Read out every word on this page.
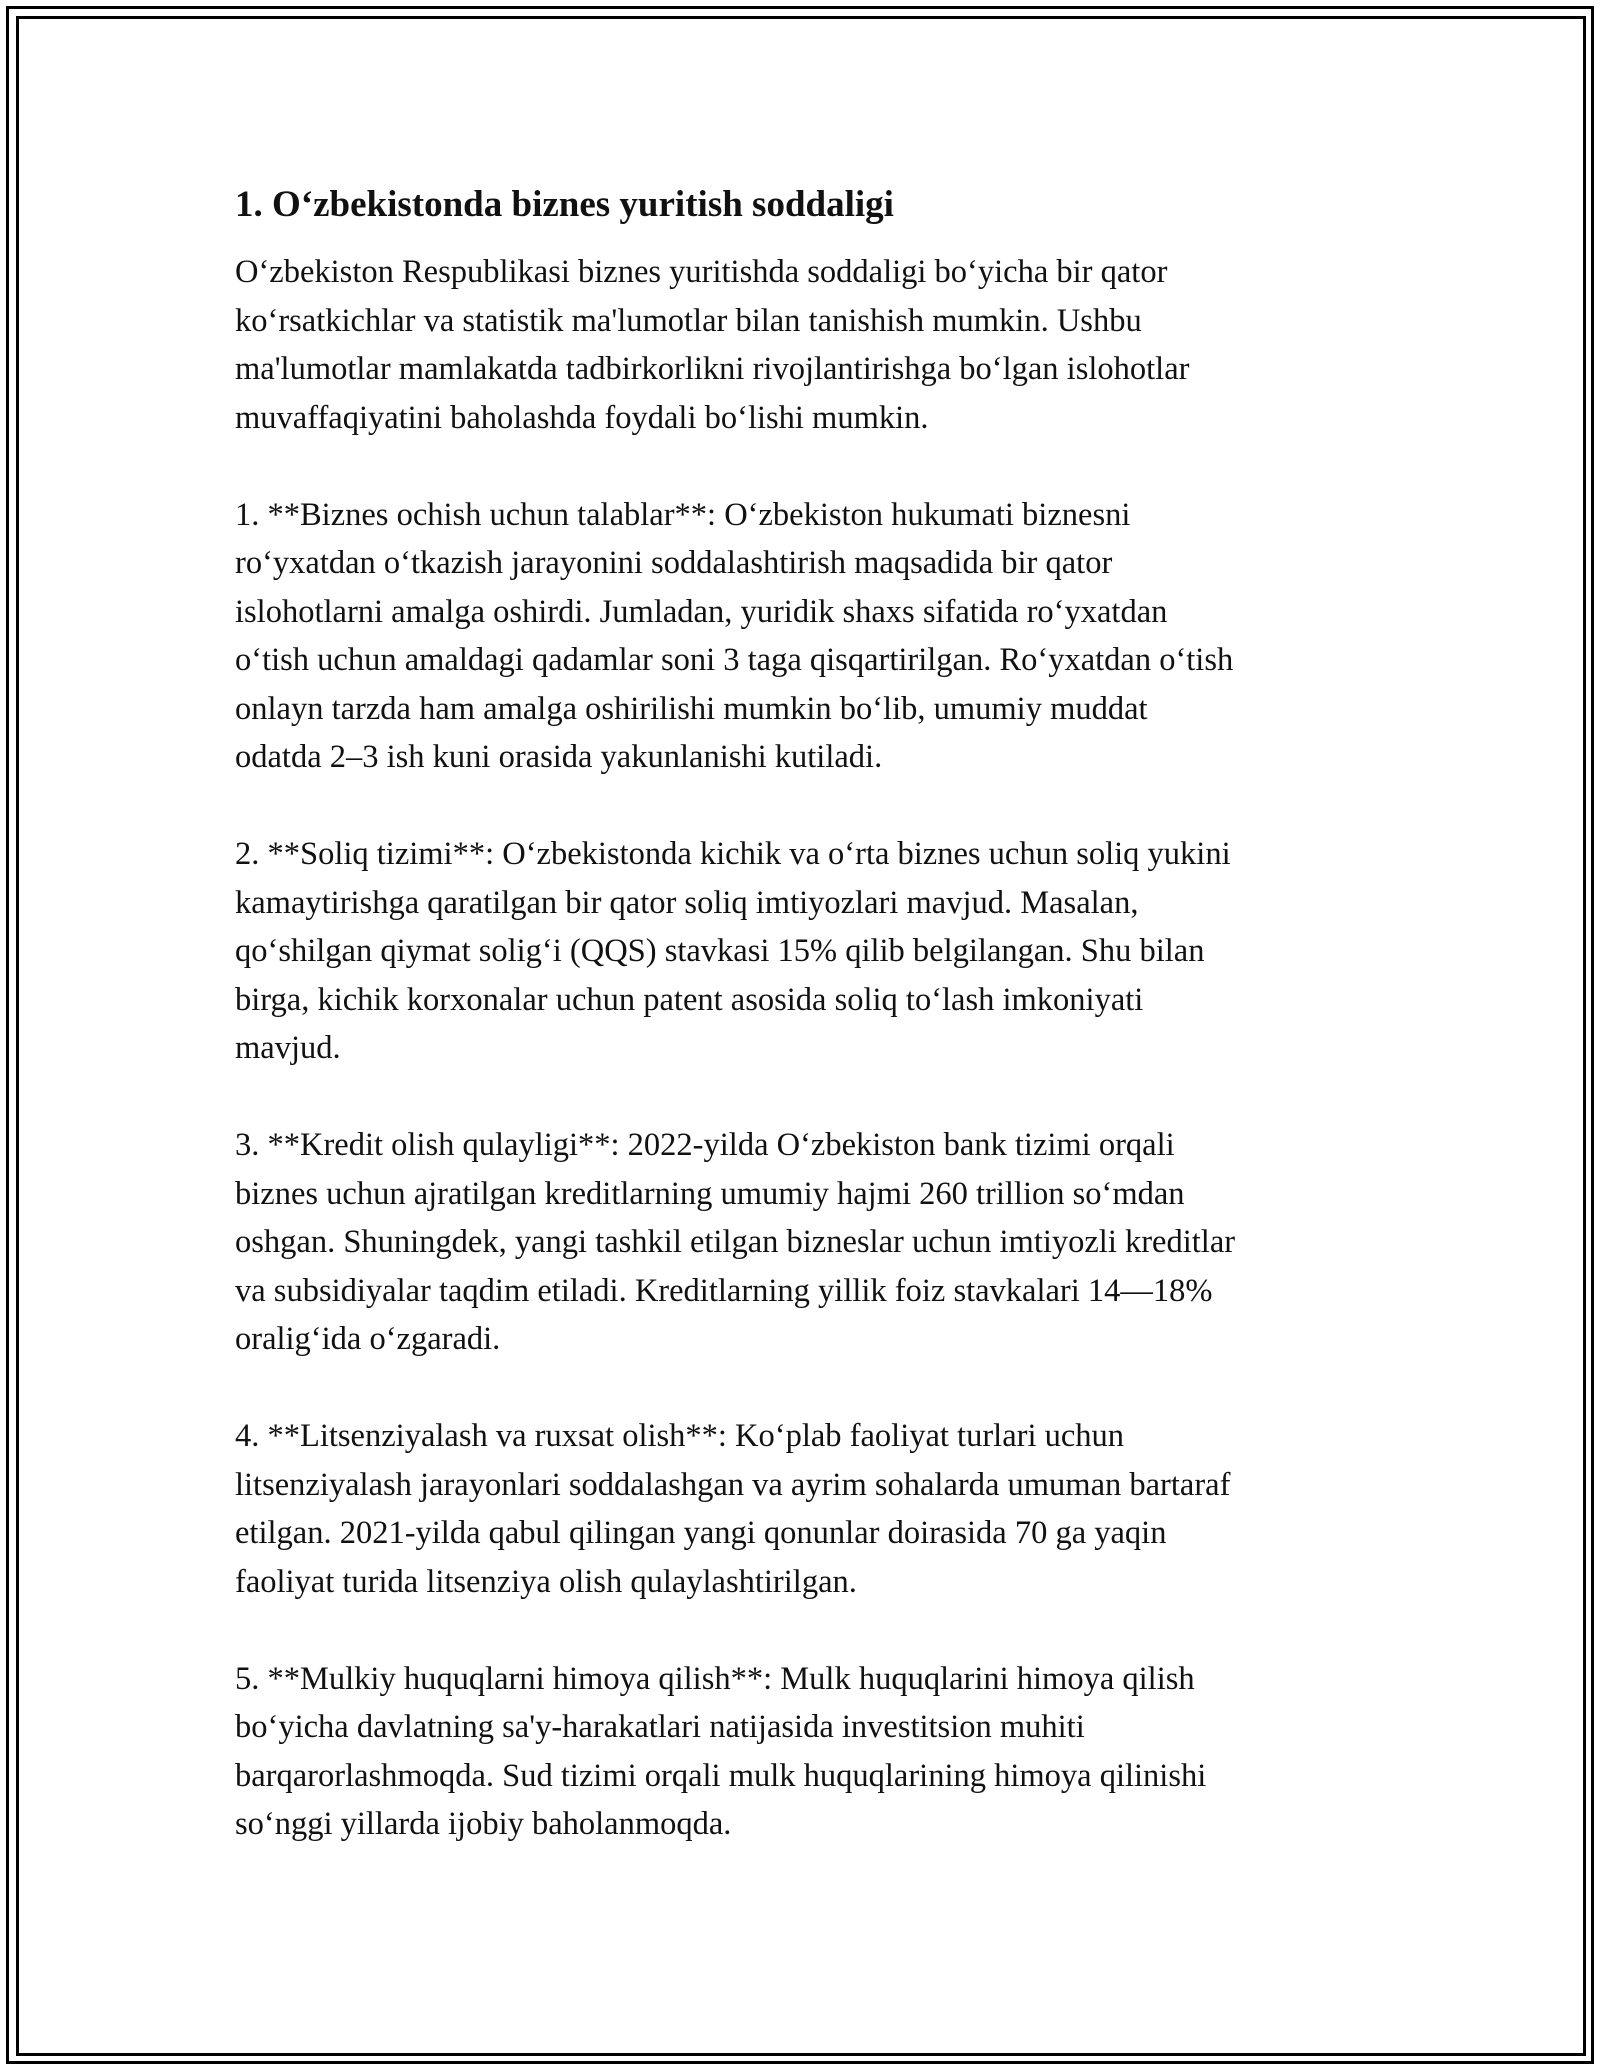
1. O‘zbekistonda biznes yuritish soddaligi

O‘zbekiston Respublikasi biznes yuritishda soddaligi bo‘yicha bir qator
ko‘rsatkichlar va statistik ma'lumotlar bilan tanishish mumkin. Ushbu
ma'lumotlar mamlakatda tadbirkorlikni rivojlantirishga bo‘lgan islohotlar
muvaffaqiyatini baholashda foydali bo‘lishi mumkin.

1. **Biznes ochish uchun talablar**: O‘zbekiston hukumati biznesni
ro‘yxatdan o‘tkazish jarayonini soddalashtirish maqsadida bir qator
islohotlarni amalga oshirdi. Jumladan, yuridik shaxs sifatida ro‘yxatdan
o‘tish uchun amaldagi qadamlar soni 3 taga qisqartirilgan. Ro‘yxatdan o‘tish
onlayn tarzda ham amalga oshirilishi mumkin bo‘lib, umumiy muddat
odatda 2–3 ish kuni orasida yakunlanishi kutiladi.

2. **Soliq tizimi**: O‘zbekistonda kichik va o‘rta biznes uchun soliq yukini
kamaytirishga qaratilgan bir qator soliq imtiyozlari mavjud. Masalan,
qo‘shilgan qiymat solig‘i (QQS) stavkasi 15% qilib belgilangan. Shu bilan
birga, kichik korxonalar uchun patent asosida soliq to‘lash imkoniyati
mavjud.

3. **Kredit olish qulayligi**: 2022-yilda O‘zbekiston bank tizimi orqali
biznes uchun ajratilgan kreditlarning umumiy hajmi 260 trillion so‘mdan
oshgan. Shuningdek, yangi tashkil etilgan bizneslar uchun imtiyozli kreditlar
va subsidiyalar taqdim etiladi. Kreditlarning yillik foiz stavkalari 14—18%
oralig‘ida o‘zgaradi.

4. **Litsenziyalash va ruxsat olish**: Ko‘plab faoliyat turlari uchun
litsenziyalash jarayonlari soddalashgan va ayrim sohalarda umuman bartaraf
etilgan. 2021-yilda qabul qilingan yangi qonunlar doirasida 70 ga yaqin
faoliyat turida litsenziya olish qulaylashtirilgan.

5. **Mulkiy huquqlarni himoya qilish**: Mulk huquqlarini himoya qilish
bo‘yicha davlatning sa'y-harakatlari natijasida investitsion muhiti
barqarorlashmoqda. Sud tizimi orqali mulk huquqlarining himoya qilinishi
so‘nggi yillarda ijobiy baholanmoqda.
